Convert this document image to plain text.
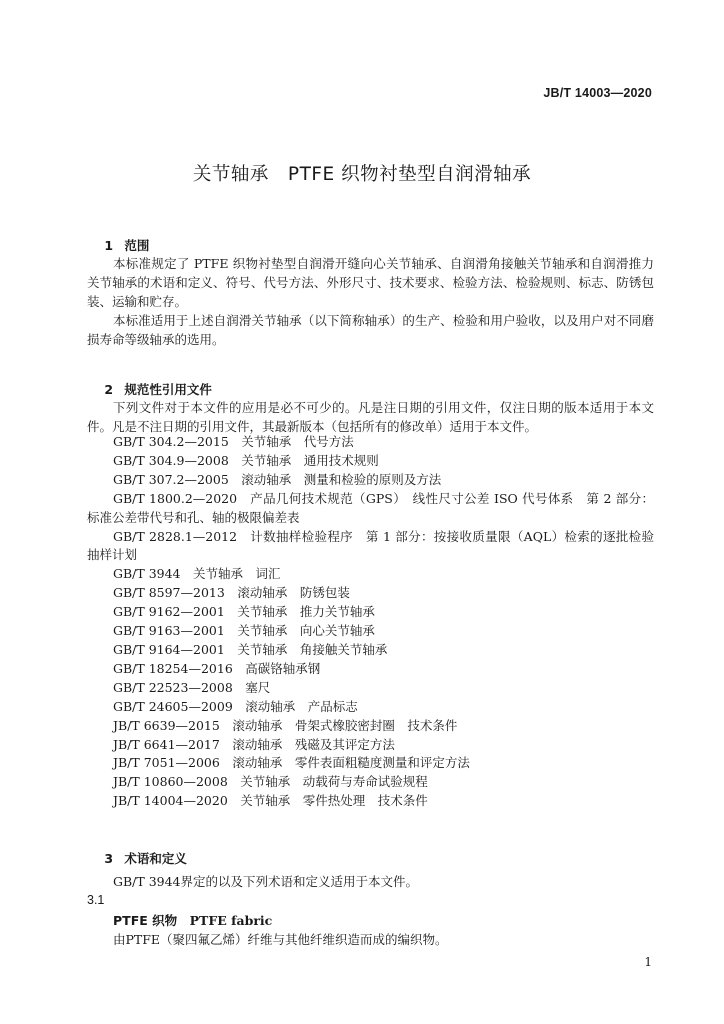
JB/T 14003—2020
关节轴承　PTFE 织物衬垫型自润滑轴承

1 范围

本标准规定了 PTFE 织物衬垫型自润滑开缝向心关节轴承、自润滑角接触关节轴承和自润滑推力关节轴承的术语和定义、符号、代号方法、外形尺寸、技术要求、检验方法、检验规则、标志、防锈包装、运输和贮存。

本标准适用于上述自润滑关节轴承（以下简称轴承）的生产、检验和用户验收，以及用户对不同磨损寿命等级轴承的选用。

2 规范性引用文件

下列文件对于本文件的应用是必不可少的。凡是注日期的引用文件，仅注日期的版本适用于本文件。凡是不注日期的引用文件，其最新版本（包括所有的修改单）适用于本文件。

GB/T 304.2—2015　关节轴承　代号方法
GB/T 304.9—2008　关节轴承　通用技术规则
GB/T 307.2—2005　滚动轴承　测量和检验的原则及方法
GB/T 1800.2—2020　产品几何技术规范（GPS）　线性尺寸公差 ISO 代号体系　第 2 部分：标准公差带代号和孔、轴的极限偏差表
GB/T 2828.1—2012　计数抽样检验程序　第 1 部分：按接收质量限（AQL）检索的逐批检验抽样计划
GB/T 3944　关节轴承　词汇
GB/T 8597—2013　滚动轴承　防锈包装
GB/T 9162—2001　关节轴承　推力关节轴承
GB/T 9163—2001　关节轴承　向心关节轴承
GB/T 9164—2001　关节轴承　角接触关节轴承
GB/T 18254—2016　高碳铬轴承钢
GB/T 22523—2008　塞尺
GB/T 24605—2009　滚动轴承　产品标志
JB/T 6639—2015　滚动轴承　骨架式橡胶密封圈　技术条件
JB/T 6641—2017　滚动轴承　残磁及其评定方法
JB/T 7051—2006　滚动轴承　零件表面粗糙度测量和评定方法
JB/T 10860—2008　关节轴承　动载荷与寿命试验规程
JB/T 14004—2020　关节轴承　零件热处理　技术条件

3 术语和定义

GB/T 3944界定的以及下列术语和定义适用于本文件。
3.1
PTFE 织物　 PTFE fabric
由PTFE（聚四氟乙烯）纤维与其他纤维织造而成的编织物。
1
